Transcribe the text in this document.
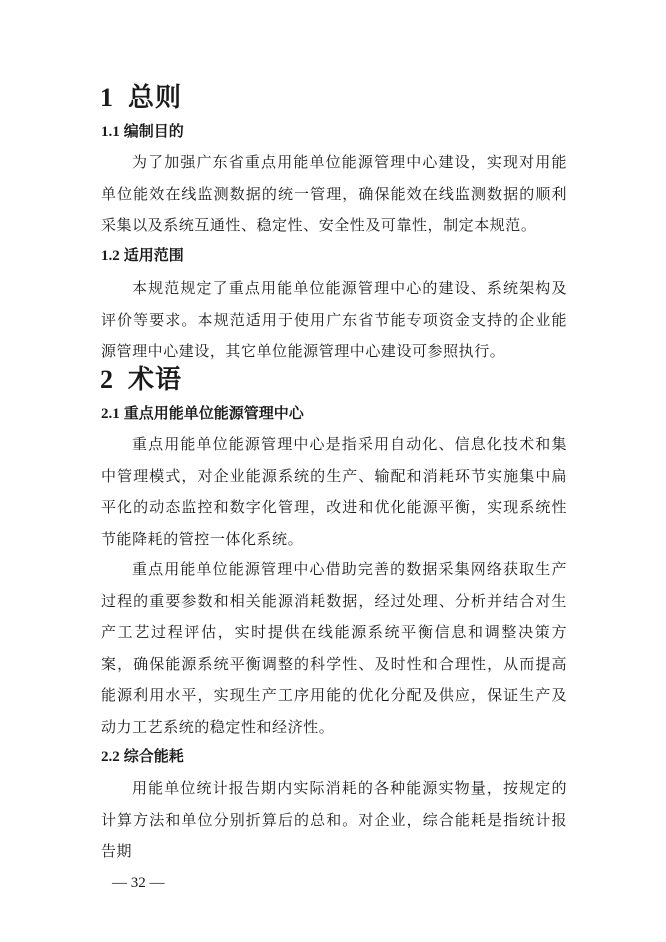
1 总则
1.1 编制目的
为了加强广东省重点用能单位能源管理中心建设，实现对用能单位能效在线监测数据的统一管理，确保能效在线监测数据的顺利采集以及系统互通性、稳定性、安全性及可靠性，制定本规范。
1.2 适用范围
本规范规定了重点用能单位能源管理中心的建设、系统架构及评价等要求。本规范适用于使用广东省节能专项资金支持的企业能源管理中心建设，其它单位能源管理中心建设可参照执行。
2 术语
2.1 重点用能单位能源管理中心
重点用能单位能源管理中心是指采用自动化、信息化技术和集中管理模式，对企业能源系统的生产、输配和消耗环节实施集中扁平化的动态监控和数字化管理，改进和优化能源平衡，实现系统性节能降耗的管控一体化系统。
重点用能单位能源管理中心借助完善的数据采集网络获取生产过程的重要参数和相关能源消耗数据，经过处理、分析并结合对生产工艺过程评估，实时提供在线能源系统平衡信息和调整决策方案，确保能源系统平衡调整的科学性、及时性和合理性，从而提高能源利用水平，实现生产工序用能的优化分配及供应，保证生产及动力工艺系统的稳定性和经济性。
2.2 综合能耗
用能单位统计报告期内实际消耗的各种能源实物量，按规定的计算方法和单位分别折算后的总和。对企业，综合能耗是指统计报告期
— 32 —
